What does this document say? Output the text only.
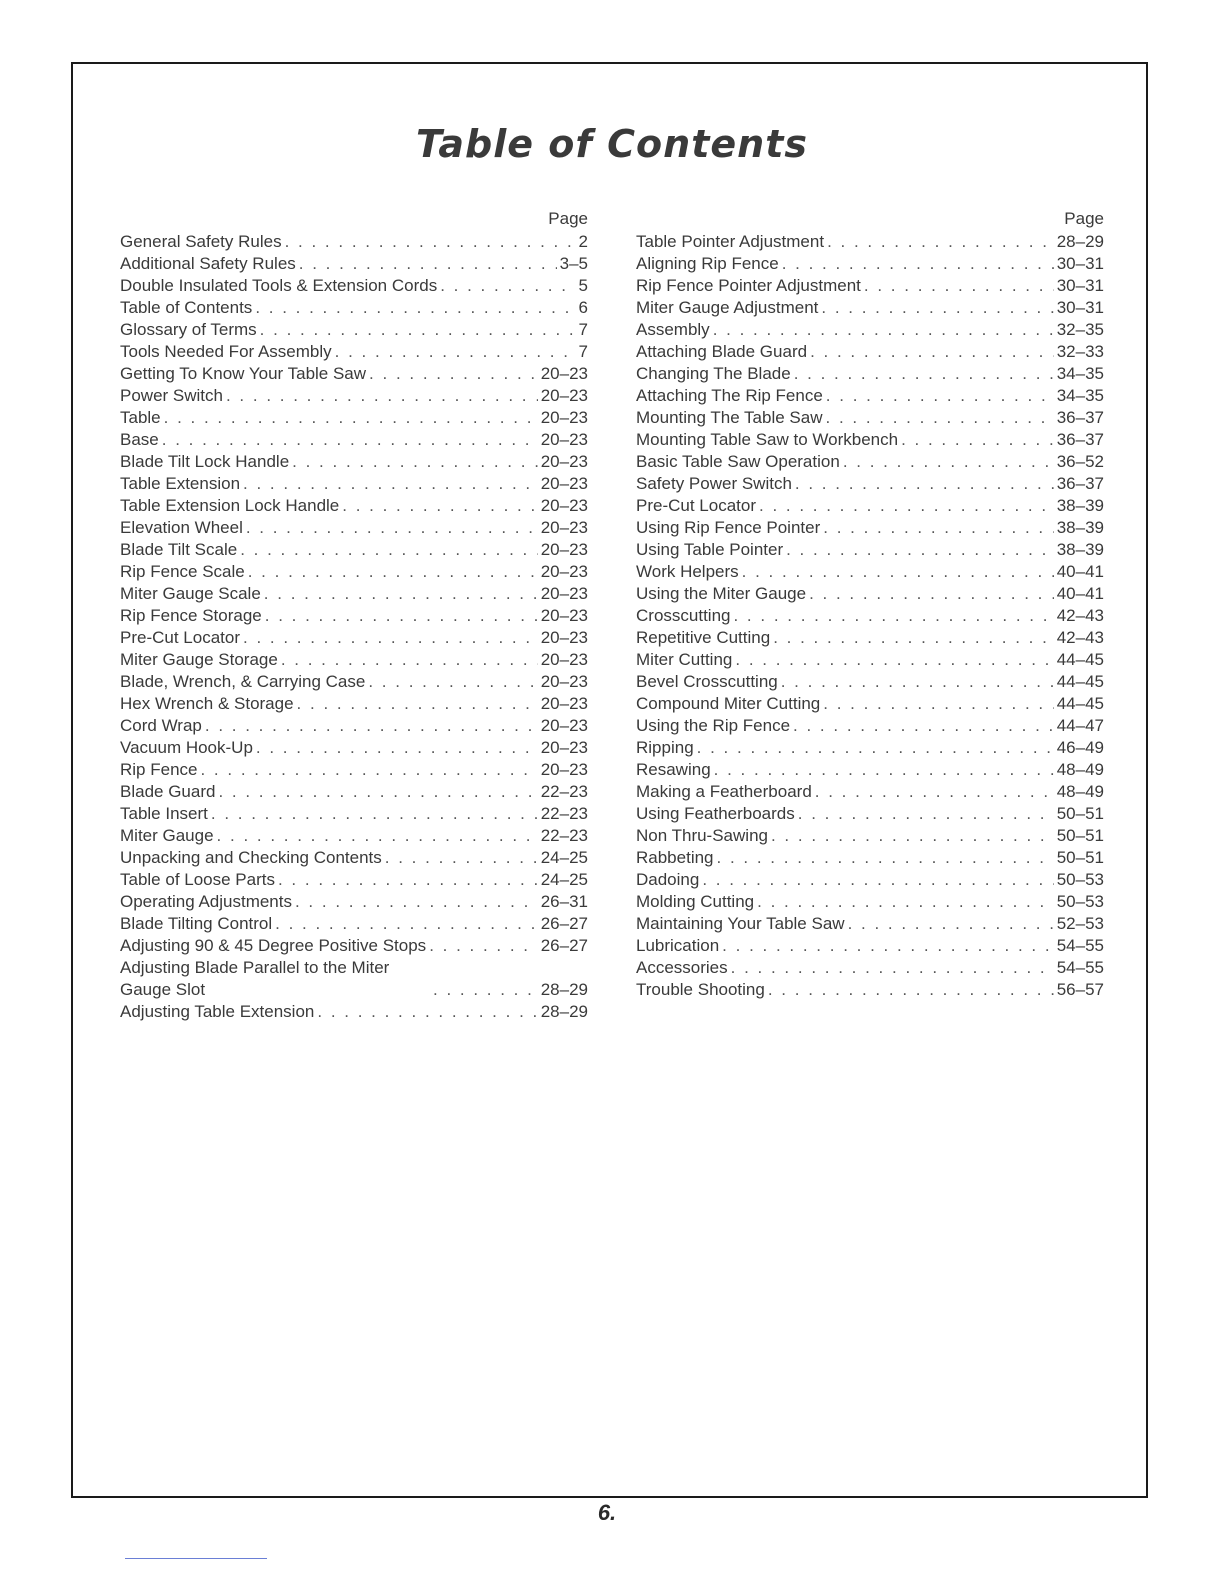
Table of Contents
Page
General Safety Rules . . .	2
Additional Safety Rules . . .	3–5
Double Insulated Tools & Extension Cords . . .	5
Table of Contents . . .	6
Glossary of Terms . . .	7
Tools Needed For Assembly . . .	7
Getting To Know Your Table Saw . . .	20–23
Power Switch . . .	20–23
Table . . .	20–23
Base . . .	20–23
Blade Tilt Lock Handle . . .	20–23
Table Extension . . .	20–23
Table Extension Lock Handle . . .	20–23
Elevation Wheel . . .	20–23
Blade Tilt Scale . . .	20–23
Rip Fence Scale . . .	20–23
Miter Gauge Scale . . .	20–23
Rip Fence Storage . . .	20–23
Pre-Cut Locator . . .	20–23
Miter Gauge Storage . . .	20–23
Blade, Wrench, & Carrying Case . . .	20–23
Hex Wrench & Storage . . .	20–23
Cord Wrap . . .	20–23
Vacuum Hook-Up . . .	20–23
Rip Fence . . .	20–23
Blade Guard . . .	22–23
Table Insert . . .	22–23
Miter Gauge . . .	22–23
Unpacking and Checking Contents . . .	24–25
Table of Loose Parts . . .	24–25
Operating Adjustments . . .	26–31
Blade Tilting Control . . .	26–27
Adjusting 90 & 45 Degree Positive Stops . . .	26–27
Adjusting Blade Parallel to the Miter Gauge Slot . . .	28–29
Adjusting Table Extension . . .	28–29
Page
Table Pointer Adjustment . . .	28–29
Aligning Rip Fence . . .	30–31
Rip Fence Pointer Adjustment . . .	30–31
Miter Gauge Adjustment . . .	30–31
Assembly . . .	32–35
Attaching Blade Guard . . .	32–33
Changing The Blade . . .	34–35
Attaching The Rip Fence . . .	34–35
Mounting The Table Saw . . .	36–37
Mounting Table Saw to Workbench . . .	36–37
Basic Table Saw Operation . . .	36–52
Safety Power Switch . . .	36–37
Pre-Cut Locator . . .	38–39
Using Rip Fence Pointer . . .	38–39
Using Table Pointer . . .	38–39
Work Helpers . . .	40–41
Using the Miter Gauge . . .	40–41
Crosscutting . . .	42–43
Repetitive Cutting . . .	42–43
Miter Cutting . . .	44–45
Bevel Crosscutting . . .	44–45
Compound Miter Cutting . . .	44–45
Using the Rip Fence . . .	44–47
Ripping . . .	46–49
Resawing . . .	48–49
Making a Featherboard . . .	48–49
Using Featherboards . . .	50–51
Non Thru-Sawing . . .	50–51
Rabbeting . . .	50–51
Dadoing . . .	50–53
Molding Cutting . . .	50–53
Maintaining Your Table Saw . . .	52–53
Lubrication . . .	54–55
Accessories . . .	54–55
Trouble Shooting . . .	56–57
6.
